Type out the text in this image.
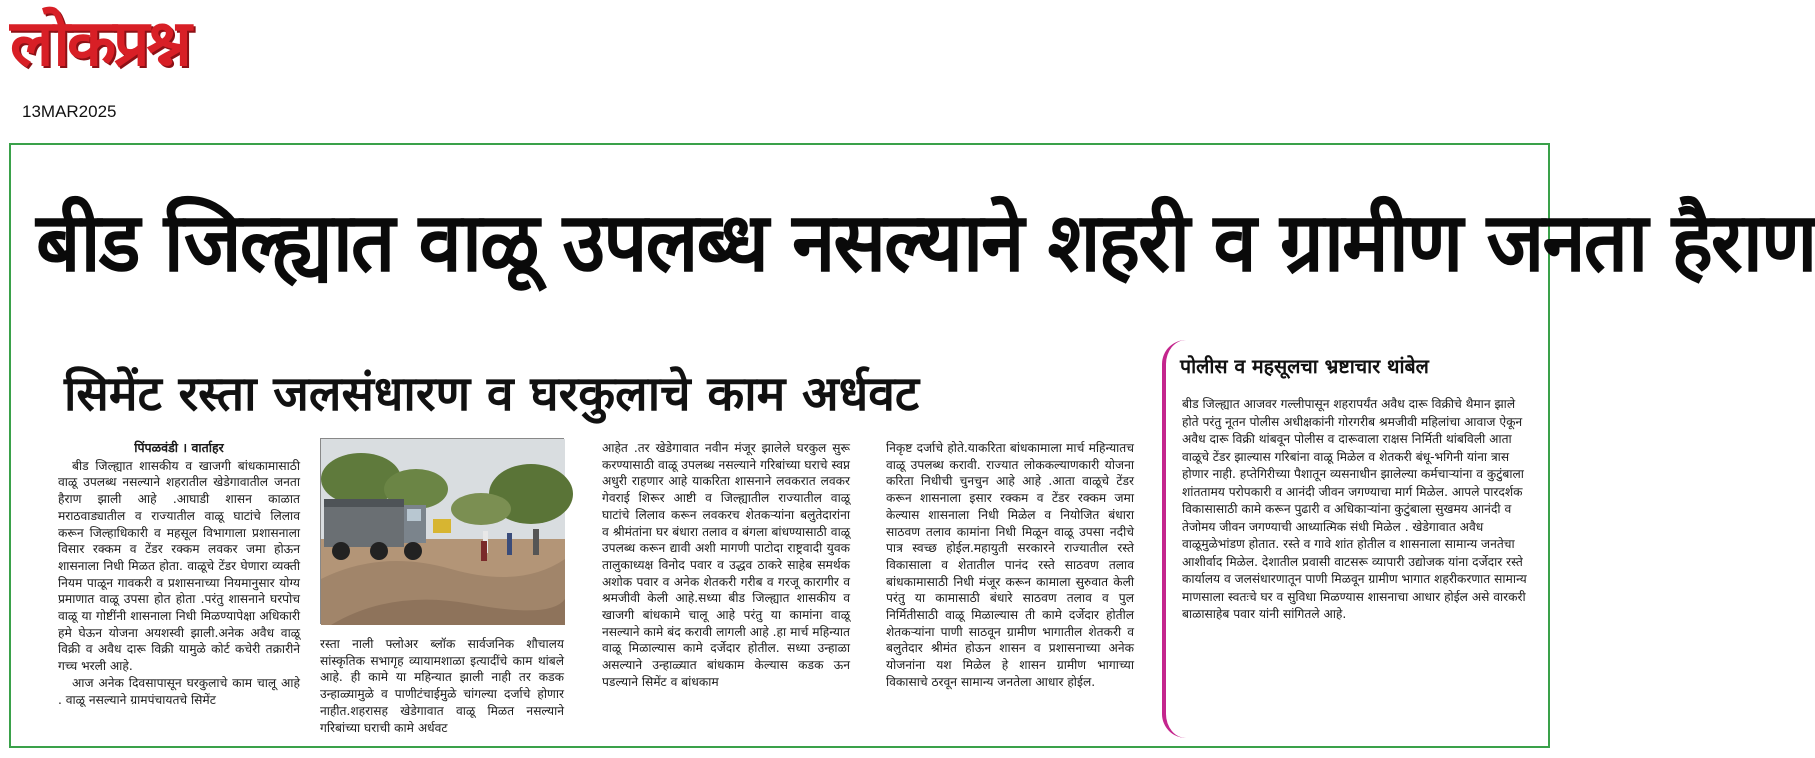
लोकप्रश्न
13MAR2025
बीड जिल्ह्यात वाळू उपलब्ध नसल्याने शहरी व ग्रामीण जनता हैराण
सिमेंट रस्ता जलसंधारण व घरकुलाचे काम अर्धवट
पिंपळवंडी । वार्ताहर

बीड जिल्ह्यात शासकीय व खाजगी बांधकामासाठी वाळू उपलब्ध नसल्याने शहरातील खेडेगावातील जनता हैराण झाली आहे .आघाडी शासन काळात मराठवाड्यातील व राज्यातील वाळू घाटांचे लिलाव करून जिल्हाधिकारी व महसूल विभागाला प्रशासनाला विसार रक्कम व टेंडर रक्कम लवकर जमा होऊन शासनाला निधी मिळत होता. वाळूचे टेंडर घेणारा व्यक्ती नियम पाळून गावकरी व प्रशासनाच्या नियमानुसार योग्य प्रमाणात वाळू उपसा होत होता .परंतु शासनाने घरपोच वाळू या गोष्टींनी शासनाला निधी मिळण्यापेक्षा अधिकारी हमे घेऊन योजना अयशस्वी झाली.अनेक अवैध वाळू विक्री व अवैध दारू विक्री यामुळे कोर्ट कचेरी तक्रारीने गच्च भरली आहे.

आज अनेक दिवसापासून घरकुलाचे काम चालू आहे . वाळू नसल्याने ग्रामपंचायतचे सिमेंट

रस्ता नाली फ्लोअर ब्लॉक सार्वजनिक शौचालय सांस्कृतिक सभागृह व्यायामशाळा इत्यादींचे काम थांबले आहे. ही कामे या महिन्यात झाली नाही तर कडक उन्हाळ्यामुळे व पाणीटंचाईमुळे चांगल्या दर्जाचे होणार नाहीत.शहरासह खेडेगावात वाळू मिळत नसल्याने गरिबांच्या घराची कामे अर्धवट

आहेत .तर खेडेगावात नवीन मंजूर झालेले घरकुल सुरू करण्यासाठी वाळू उपलब्ध नसल्याने गरिबांच्या घराचे स्वप्न अधुरी राहणार आहे याकरिता शासनाने लवकरात लवकर गेवराई शिरूर आष्टी व जिल्ह्यातील राज्यातील वाळू घाटांचे लिलाव करून लवकरच शेतकऱ्यांना बलुतेदारांना व श्रीमंतांना घर बंधारा तलाव व बंगला बांधण्यासाठी वाळू उपलब्ध करून द्यावी अशी मागणी पाटोदा राष्ट्रवादी युवक तालुकाध्यक्ष विनोद पवार व उद्धव ठाकरे साहेब समर्थक अशोक पवार व अनेक शेतकरी गरीब व गरजू कारागीर व श्रमजीवी केली आहे.सध्या बीड जिल्ह्यात शासकीय व खाजगी बांधकामे चालू आहे परंतु या कामांना वाळू नसल्याने कामे बंद करावी लागली आहे .हा मार्च महिन्यात वाळू मिळाल्यास कामे दर्जेदार होतील. सध्या उन्हाळा असल्याने उन्हाळ्यात बांधकाम केल्यास कडक ऊन पडल्याने सिमेंट व बांधकाम

निकृष्ट दर्जाचे होते.याकरिता बांधकामाला मार्च महिन्यातच वाळू उपलब्ध करावी. राज्यात लोककल्याणकारी योजना करिता निधीची चुनचुन आहे आहे .आता वाळूचे टेंडर करून शासनाला इसार रक्कम व टेंडर रक्कम जमा केल्यास शासनाला निधी मिळेल व नियोजित बंधारा साठवण तलाव कामांना निधी मिळून वाळू उपसा नदीचे पात्र स्वच्छ होईल.महायुती सरकारने राज्यातील रस्ते विकासाला व शेतातील पानंद रस्ते साठवण तलाव बांधकामासाठी निधी मंजूर करून कामाला सुरुवात केली परंतु या कामासाठी बंधारे साठवण तलाव व पुल निर्मितीसाठी वाळू मिळाल्यास ती कामे दर्जेदार होतील शेतकऱ्यांना पाणी साठवून ग्रामीण भागातील शेतकरी व बलुतेदार श्रीमंत होऊन शासन व प्रशासनाच्या अनेक योजनांना यश मिळेल हे शासन ग्रामीण भागाच्या विकासाचे ठरवून सामान्य जनतेला आधार होईल.

पोलीस व महसूलचा भ्रष्टाचार थांबेल
बीड जिल्ह्यात आजवर गल्लीपासून शहरापर्यंत अवैध दारू विक्रीचे थैमान झाले होते परंतु नूतन पोलीस अधीक्षकांनी गोरगरीब श्रमजीवी महिलांचा आवाज ऐकून अवैध दारू विक्री थांबवून पोलीस व दारूवाला राक्षस निर्मिती थांबविली आता वाळूचे टेंडर झाल्यास गरिबांना वाळू मिळेल व शेतकरी बंधू-भगिनी यांना त्रास होणार नाही. हप्तेगिरीच्या पैशातून व्यसनाधीन झालेल्या कर्मचाऱ्यांना व कुटुंबाला शांततामय परोपकारी व आनंदी जीवन जगण्याचा मार्ग मिळेल. आपले पारदर्शक विकासासाठी कामे करून पुढारी व अधिकाऱ्यांना कुटुंबाला सुखमय आनंदी व तेजोमय जीवन जगण्याची आध्यात्मिक संधी मिळेल . खेडेगावात अवैध वाळूमुळेभांडण होतात. रस्ते व गावे शांत होतील व शासनाला सामान्य जनतेचा आशीर्वाद मिळेल. देशातील प्रवासी वाटसरू व्यापारी उद्योजक यांना दर्जेदार रस्ते कार्यालय व जलसंधारणातून पाणी मिळवून ग्रामीण भागात शहरीकरणात सामान्य माणसाला स्वतःचे घर व सुविधा मिळण्यास शासनाचा आधार होईल असे वारकरी बाळासाहेब पवार यांनी सांगितले आहे.
